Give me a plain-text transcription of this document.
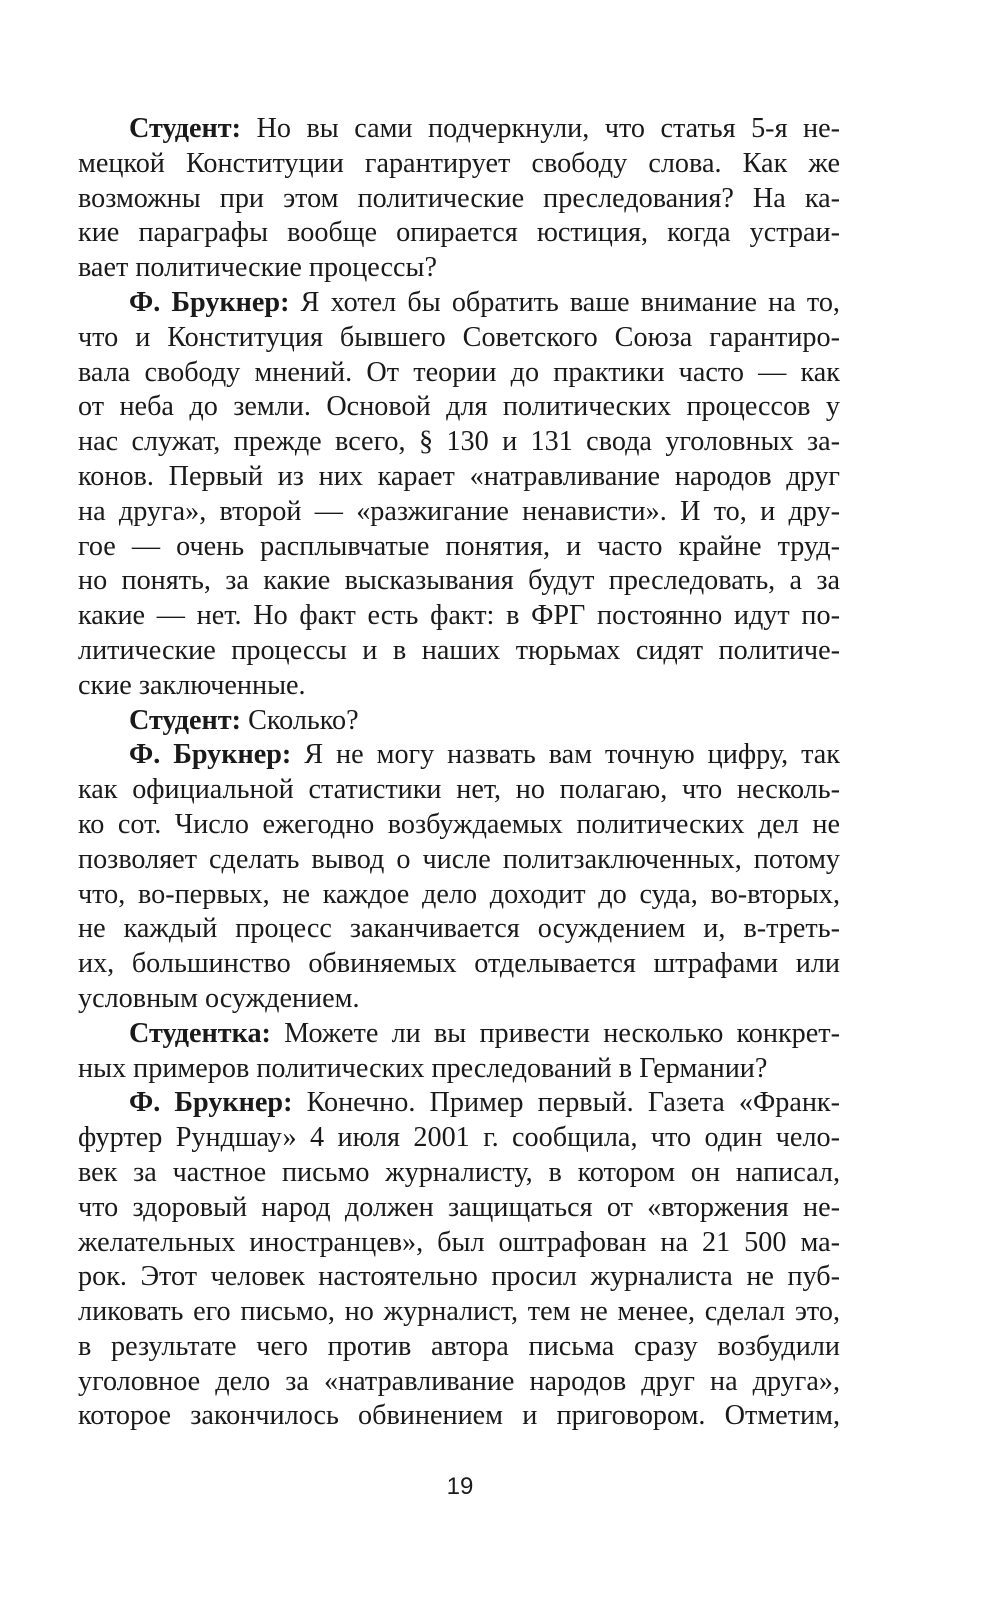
Студент: Но вы сами подчеркнули, что статья 5-я не-
мецкой Конституции гарантирует свободу слова. Как же
возможны при этом политические преследования? На ка-
кие параграфы вообще опирается юстиция, когда устраи-
вает политические процессы?
Ф. Брукнер: Я хотел бы обратить ваше внимание на то,
что и Конституция бывшего Советского Союза гарантиро-
вала свободу мнений. От теории до практики часто — как
от неба до земли. Основой для политических процессов у
нас служат, прежде всего, § 130 и 131 свода уголовных за-
конов. Первый из них карает «натравливание народов друг
на друга», второй — «разжигание ненависти». И то, и дру-
гое — очень расплывчатые понятия, и часто крайне труд-
но понять, за какие высказывания будут преследовать, а за
какие — нет. Но факт есть факт: в ФРГ постоянно идут по-
литические процессы и в наших тюрьмах сидят политиче-
ские заключенные.
Студент: Сколько?
Ф. Брукнер: Я не могу назвать вам точную цифру, так
как официальной статистики нет, но полагаю, что несколь-
ко сот. Число ежегодно возбуждаемых политических дел не
позволяет сделать вывод о числе политзаключенных, потому
что, во-первых, не каждое дело доходит до суда, во-вторых,
не каждый процесс заканчивается осуждением и, в-треть-
их, большинство обвиняемых отделывается штрафами или
условным осуждением.
Студентка: Можете ли вы привести несколько конкрет-
ных примеров политических преследований в Германии?
Ф. Брукнер: Конечно. Пример первый. Газета «Франк-
фуртер Рундшау» 4 июля 2001 г. сообщила, что один чело-
век за частное письмо журналисту, в котором он написал,
что здоровый народ должен защищаться от «вторжения не-
желательных иностранцев», был оштрафован на 21 500 ма-
рок. Этот человек настоятельно просил журналиста не пуб-
ликовать его письмо, но журналист, тем не менее, сделал это,
в результате чего против автора письма сразу возбудили
уголовное дело за «натравливание народов друг на друга»,
которое закончилось обвинением и приговором. Отметим,
19
